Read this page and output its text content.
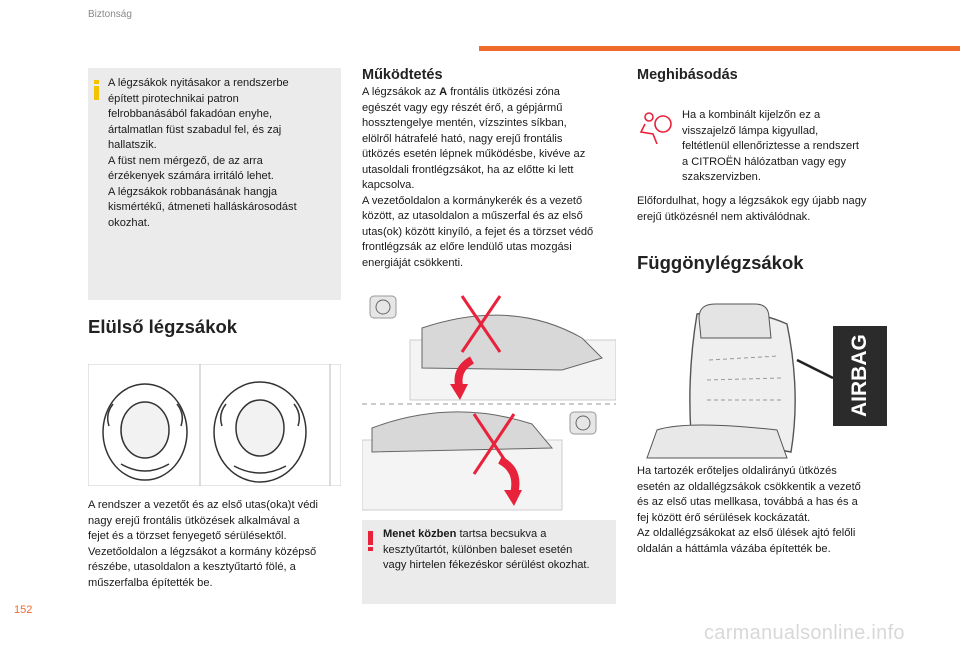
Biztonság
A légzsákok nyitásakor a rendszerbe
épített pirotechnikai patron
felrobbanásából fakadóan enyhe,
ártalmatlan füst szabadul fel, és zaj
hallatszik.
A füst nem mérgező, de az arra
érzékenyek számára irritáló lehet.
A légzsákok robbanásának hangja
kismértékű, átmeneti halláskárosodást
okozhat.
Elülső légzsákok
A rendszer a vezetőt és az első utas(oka)t védi
nagy erejű frontális ütközések alkalmával a
fejet és a törzset fenyegető sérülésektől.
Vezetőoldalon a légzsákot a kormány középső
részébe, utasoldalon a kesztyűtartó fölé, a
műszerfalba építették be.
Működtetés
A légzsákok az A frontális ütközési zóna
egészét vagy egy részét érő, a gépjármű
hossztengelye mentén, vízszintes síkban,
elölről hátrafelé ható, nagy erejű frontális
ütközés esetén lépnek működésbe, kivéve az
utasoldali frontlégzsákot, ha az előtte ki lett
kapcsolva.
A vezetőoldalon a kormánykerék és a vezető
között, az utasoldalon a műszerfal és az első
utas(ok) között kinyíló, a fejet és a törzset védő
frontlégzsák az előre lendülő utas mozgási
energiáját csökkenti.
Menet közben tartsa becsukva a
kesztyűtartót, különben baleset esetén
vagy hirtelen fékezéskor sérülést okozhat.
Meghibásodás
Ha a kombinált kijelzőn ez a
visszajelző lámpa kigyullad,
feltétlenül ellenőriztesse a rendszert
a CITROËN hálózatban vagy egy
szakszervizben.
Előfordulhat, hogy a légzsákok egy újabb nagy
erejű ütközésnél nem aktiválódnak.
Függönylégzsákok
AIRBAG
Ha tartozék erőteljes oldalirányú ütközés
esetén az oldallégzsákok csökkentik a vezető
és az első utas mellkasa, továbbá a has és a
fej között érő sérülések kockázatát.
Az oldallégzsákokat az első ülések ajtó felőli
oldalán a háttámla vázába építették be.
152
carmanualsonline.info
